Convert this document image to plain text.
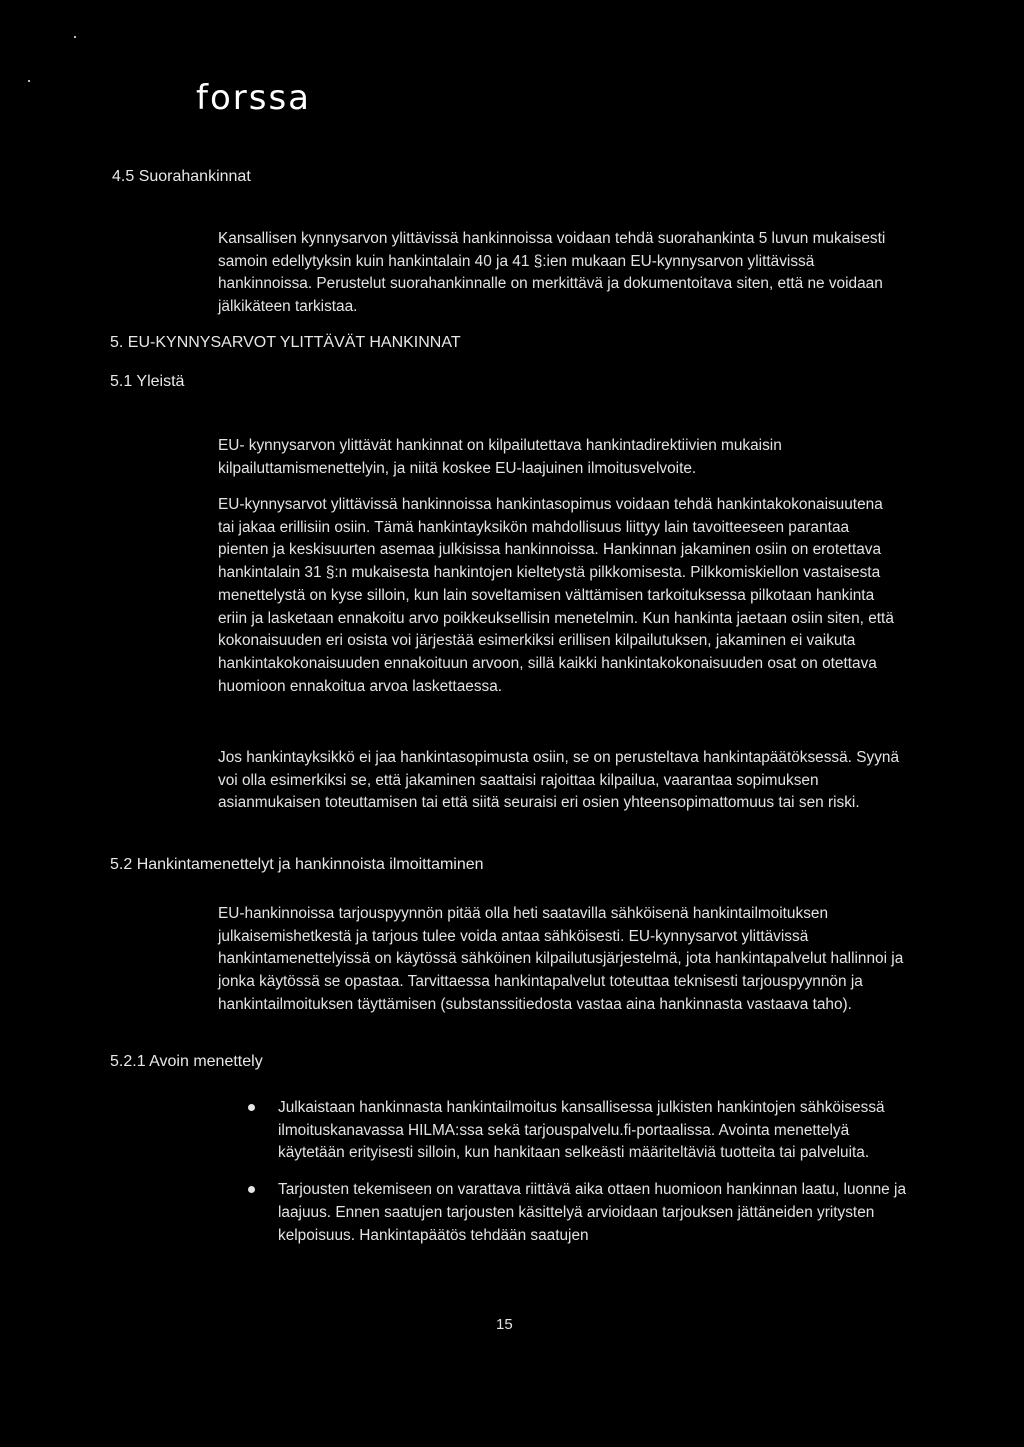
forssa
4.5 Suorahankinnat

Kansallisen kynnysarvon ylittävissä hankinnoissa voidaan tehdä suorahankinta 5 luvun mukaisesti samoin edellytyksin kuin hankintalain 40 ja 41 §:ien mukaan EU-kynnysarvon ylittävissä hankinnoissa. Perustelut suorahankinnalle on merkittävä ja dokumentoitava siten, että ne voidaan jälkikäteen tarkistaa.

5. EU-KYNNYSARVOT YLITTÄVÄT HANKINNAT
5.1 Yleistä

EU- kynnysarvon ylittävät hankinnat on kilpailutettava hankintadirektiivien mukaisin kilpailuttamismenettelyin, ja niitä koskee EU-laajuinen ilmoitusvelvoite.

EU-kynnysarvot ylittävissä hankinnoissa hankintasopimus voidaan tehdä hankintakokonaisuutena tai jakaa erillisiin osiin. Tämä hankintayksikön mahdollisuus liittyy lain tavoitteeseen parantaa pienten ja keskisuurten asemaa julkisissa hankinnoissa. Hankinnan jakaminen osiin on erotettava hankintalain 31 §:n mukaisesta hankintojen kieltetystä pilkkomisesta. Pilkkomiskiellon vastaisesta menettelystä on kyse silloin, kun lain soveltamisen välttämisen tarkoituksessa pilkotaan hankinta eriin ja lasketaan ennakoitu arvo poikkeuksellisin menetelmin. Kun hankinta jaetaan osiin siten, että kokonaisuuden eri osista voi järjestää esimerkiksi erillisen kilpailutuksen, jakaminen ei vaikuta hankintakokonaisuuden ennakoituun arvoon, sillä kaikki hankintakokonaisuuden osat on otettava huomioon ennakoitua arvoa laskettaessa.

Jos hankintayksikkö ei jaa hankintasopimusta osiin, se on perusteltava hankintapäätöksessä. Syynä voi olla esimerkiksi se, että jakaminen saattaisi rajoittaa kilpailua, vaarantaa sopimuksen asianmukaisen toteuttamisen tai että siitä seuraisi eri osien yhteensopimattomuus tai sen riski.

5.2 Hankintamenettelyt ja hankinnoista ilmoittaminen

EU-hankinnoissa tarjouspyynnön pitää olla heti saatavilla sähköisenä hankintailmoituksen julkaisemishetkestä ja tarjous tulee voida antaa sähköisesti. EU-kynnysarvot ylittävissä hankintamenettelyissä on käytössä sähköinen kilpailutusjärjestelmä, jota hankintapalvelut hallinnoi ja jonka käytössä se opastaa. Tarvittaessa hankintapalvelut toteuttaa teknisesti tarjouspyynnön ja hankintailmoituksen täyttämisen (substanssitiedosta vastaa aina hankinnasta vastaava taho).

5.2.1 Avoin menettely
Julkaistaan hankinnasta hankintailmoitus kansallisessa julkisten hankintojen sähköisessä ilmoituskanavassa HILMA:ssa sekä tarjouspalvelu.fi-portaalissa. Avointa menettelyä käytetään erityisesti silloin, kun hankitaan selkeästi määriteltäviä tuotteita tai palveluita.
Tarjousten tekemiseen on varattava riittävä aika ottaen huomioon hankinnan laatu, luonne ja laajuus. Ennen saatujen tarjousten käsittelyä arvioidaan tarjouksen jättäneiden yritysten kelpoisuus. Hankintapäätös tehdään saatujen
15
